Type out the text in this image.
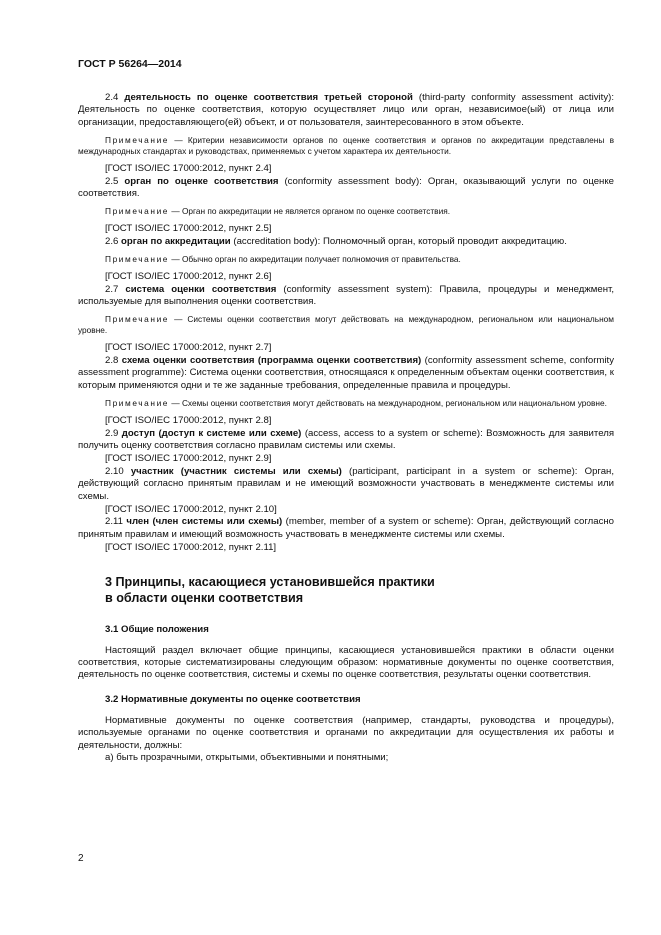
ГОСТ Р 56264—2014

2.4 деятельность по оценке соответствия третьей стороной (third-party conformity assessment activity): Деятельность по оценке соответствия, которую осуществляет лицо или орган, независимое(ый) от лица или организации, предоставляющего(ей) объект, и от пользователя, заинтересованного в этом объекте.

Примечание — Критерии независимости органов по оценке соответствия и органов по аккредитации представлены в международных стандартах и руководствах, применяемых с учетом характера их деятельности.

[ГОСТ ISO/IEC 17000:2012, пункт 2.4]

2.5 орган по оценке соответствия (conformity assessment body): Орган, оказывающий услуги по оценке соответствия.

Примечание — Орган по аккредитации не является органом по оценке соответствия.

[ГОСТ ISO/IEC 17000:2012, пункт 2.5]

2.6 орган по аккредитации (accreditation body): Полномочный орган, который проводит аккредитацию.

Примечание — Обычно орган по аккредитации получает полномочия от правительства.

[ГОСТ ISO/IEC 17000:2012, пункт 2.6]

2.7 система оценки соответствия (conformity assessment system): Правила, процедуры и менеджмент, используемые для выполнения оценки соответствия.

Примечание — Системы оценки соответствия могут действовать на международном, региональном или национальном уровне.

[ГОСТ ISO/IEC 17000:2012, пункт 2.7]

2.8 схема оценки соответствия (программа оценки соответствия) (conformity assessment scheme, conformity assessment programme): Система оценки соответствия, относящаяся к определенным объектам оценки соответствия, к которым применяются одни и те же заданные требования, определенные правила и процедуры.

Примечание — Схемы оценки соответствия могут действовать на международном, региональном или национальном уровне.

[ГОСТ ISO/IEC 17000:2012, пункт 2.8]

2.9 доступ (доступ к системе или схеме) (access, access to a system or scheme): Возможность для заявителя получить оценку соответствия согласно правилам системы или схемы.

[ГОСТ ISO/IEC 17000:2012, пункт 2.9]

2.10 участник (участник системы или схемы) (participant, participant in a system or scheme): Орган, действующий согласно принятым правилам и не имеющий возможности участвовать в менеджменте системы или схемы.

[ГОСТ ISO/IEC 17000:2012, пункт 2.10]

2.11 член (член системы или схемы) (member, member of a system or scheme): Орган, действующий согласно принятым правилам и имеющий возможность участвовать в менеджменте системы или схемы.

[ГОСТ ISO/IEC 17000:2012, пункт 2.11]

3 Принципы, касающиеся установившейся практики
в области оценки соответствия
3.1 Общие положения

Настоящий раздел включает общие принципы, касающиеся установившейся практики в области оценки соответствия, которые систематизированы следующим образом: нормативные документы по оценке соответствия, деятельность по оценке соответствия, системы и схемы по оценке соответствия, результаты оценки соответствия.

3.2 Нормативные документы по оценке соответствия

Нормативные документы по оценке соответствия (например, стандарты, руководства и процедуры), используемые органами по оценке соответствия и органами по аккредитации для осуществления их работы и деятельности, должны:

а) быть прозрачными, открытыми, объективными и понятными;

2
